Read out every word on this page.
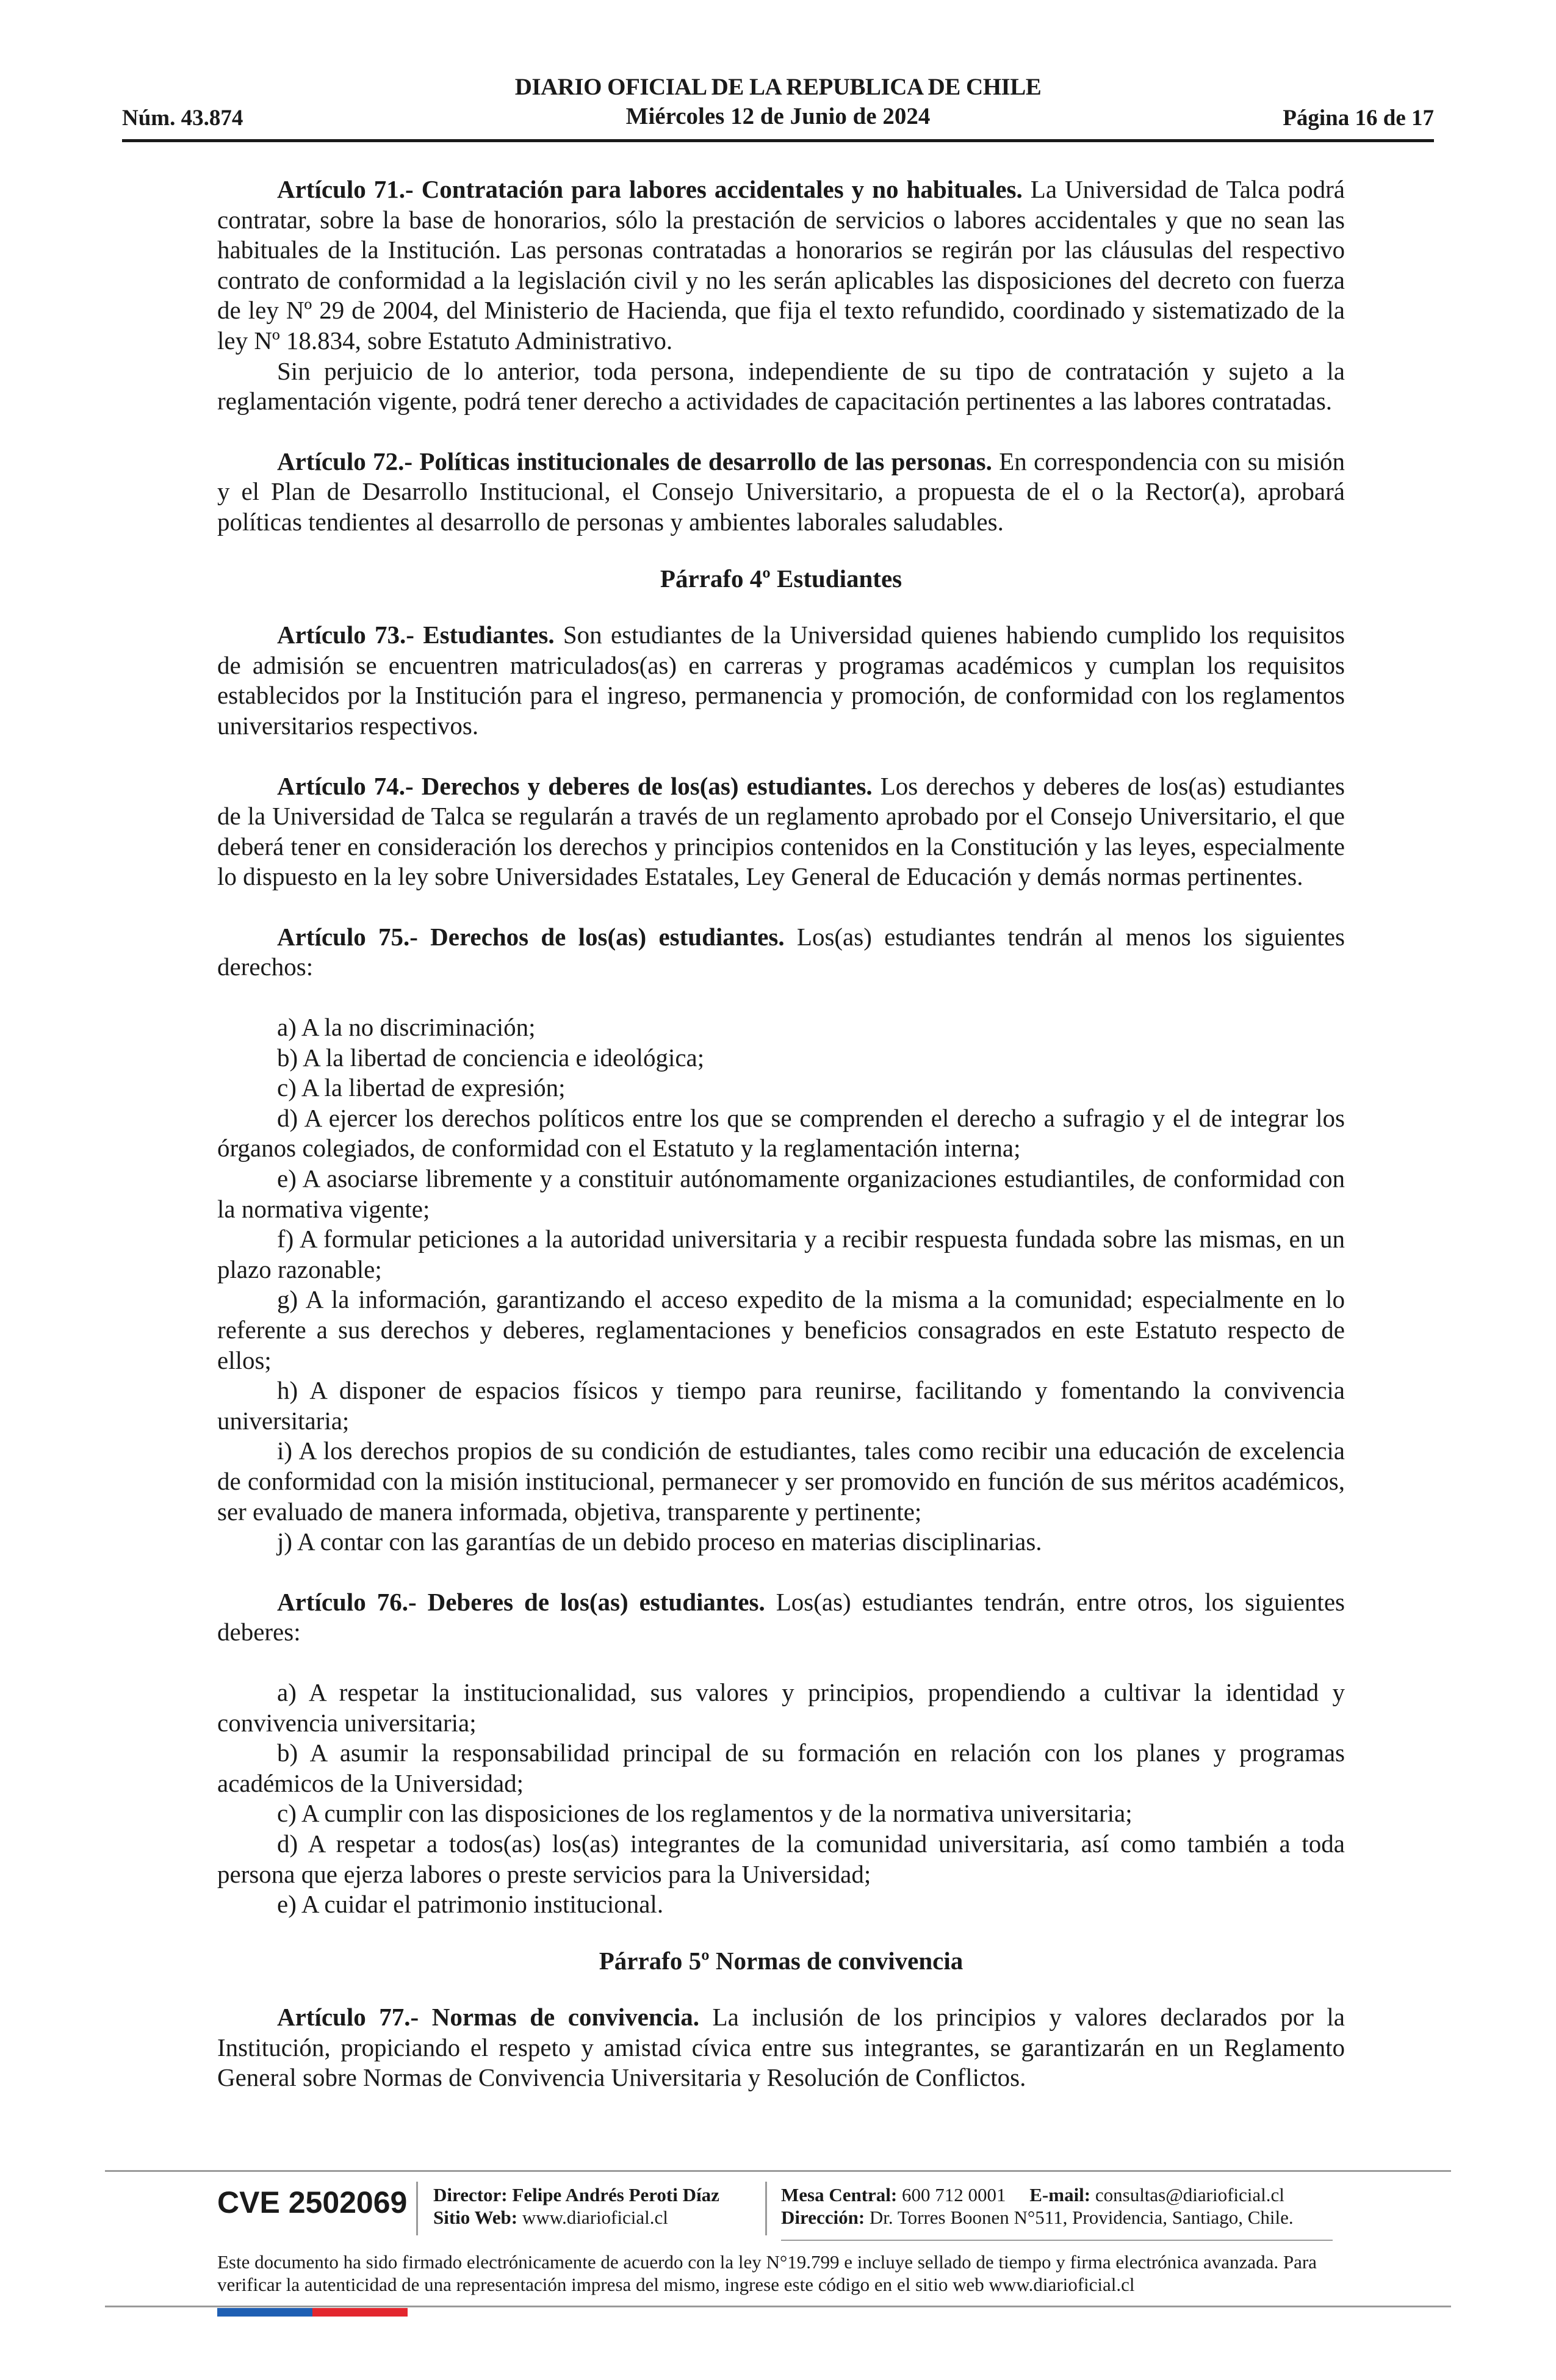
DIARIO OFICIAL DE LA REPUBLICA DE CHILE
Miércoles 12 de Junio de 2024
Núm. 43.874	Página 16 de 17

Artículo 71.- Contratación para labores accidentales y no habituales. La Universidad de Talca podrá contratar, sobre la base de honorarios, sólo la prestación de servicios o labores accidentales y que no sean las habituales de la Institución. Las personas contratadas a honorarios se regirán por las cláusulas del respectivo contrato de conformidad a la legislación civil y no les serán aplicables las disposiciones del decreto con fuerza de ley Nº 29 de 2004, del Ministerio de Hacienda, que fija el texto refundido, coordinado y sistematizado de la ley Nº 18.834, sobre Estatuto Administrativo.

Sin perjuicio de lo anterior, toda persona, independiente de su tipo de contratación y sujeto a la reglamentación vigente, podrá tener derecho a actividades de capacitación pertinentes a las labores contratadas.

Artículo 72.- Políticas institucionales de desarrollo de las personas. En correspondencia con su misión y el Plan de Desarrollo Institucional, el Consejo Universitario, a propuesta de el o la Rector(a), aprobará políticas tendientes al desarrollo de personas y ambientes laborales saludables.

Párrafo 4º Estudiantes

Artículo 73.- Estudiantes. Son estudiantes de la Universidad quienes habiendo cumplido los requisitos de admisión se encuentren matriculados(as) en carreras y programas académicos y cumplan los requisitos establecidos por la Institución para el ingreso, permanencia y promoción, de conformidad con los reglamentos universitarios respectivos.

Artículo 74.- Derechos y deberes de los(as) estudiantes. Los derechos y deberes de los(as) estudiantes de la Universidad de Talca se regularán a través de un reglamento aprobado por el Consejo Universitario, el que deberá tener en consideración los derechos y principios contenidos en la Constitución y las leyes, especialmente lo dispuesto en la ley sobre Universidades Estatales, Ley General de Educación y demás normas pertinentes.

Artículo 75.- Derechos de los(as) estudiantes. Los(as) estudiantes tendrán al menos los siguientes derechos:

a) A la no discriminación;

b) A la libertad de conciencia e ideológica;

c) A la libertad de expresión;

d) A ejercer los derechos políticos entre los que se comprenden el derecho a sufragio y el de integrar los órganos colegiados, de conformidad con el Estatuto y la reglamentación interna;

e) A asociarse libremente y a constituir autónomamente organizaciones estudiantiles, de conformidad con la normativa vigente;

f) A formular peticiones a la autoridad universitaria y a recibir respuesta fundada sobre las mismas, en un plazo razonable;

g) A la información, garantizando el acceso expedito de la misma a la comunidad; especialmente en lo referente a sus derechos y deberes, reglamentaciones y beneficios consagrados en este Estatuto respecto de ellos;

h) A disponer de espacios físicos y tiempo para reunirse, facilitando y fomentando la convivencia universitaria;

i) A los derechos propios de su condición de estudiantes, tales como recibir una educación de excelencia de conformidad con la misión institucional, permanecer y ser promovido en función de sus méritos académicos, ser evaluado de manera informada, objetiva, transparente y pertinente;

j) A contar con las garantías de un debido proceso en materias disciplinarias.

Artículo 76.- Deberes de los(as) estudiantes. Los(as) estudiantes tendrán, entre otros, los siguientes deberes:

a) A respetar la institucionalidad, sus valores y principios, propendiendo a cultivar la identidad y convivencia universitaria;

b) A asumir la responsabilidad principal de su formación en relación con los planes y programas académicos de la Universidad;

c) A cumplir con las disposiciones de los reglamentos y de la normativa universitaria;

d) A respetar a todos(as) los(as) integrantes de la comunidad universitaria, así como también a toda persona que ejerza labores o preste servicios para la Universidad;

e) A cuidar el patrimonio institucional.

Párrafo 5º Normas de convivencia

Artículo 77.- Normas de convivencia. La inclusión de los principios y valores declarados por la Institución, propiciando el respeto y amistad cívica entre sus integrantes, se garantizarán en un Reglamento General sobre Normas de Convivencia Universitaria y Resolución de Conflictos.

CVE 2502069 Director: Felipe Andrés Peroti Díaz
Sitio Web: www.diarioficial.cl
Mesa Central: 600 712 0001 E-mail: consultas@diarioficial.cl
Dirección: Dr. Torres Boonen N°511, Providencia, Santiago, Chile.
Este documento ha sido firmado electrónicamente de acuerdo con la ley N°19.799 e incluye sellado de tiempo y firma electrónica avanzada. Para verificar la autenticidad de una representación impresa del mismo, ingrese este código en el sitio web www.diarioficial.cl
